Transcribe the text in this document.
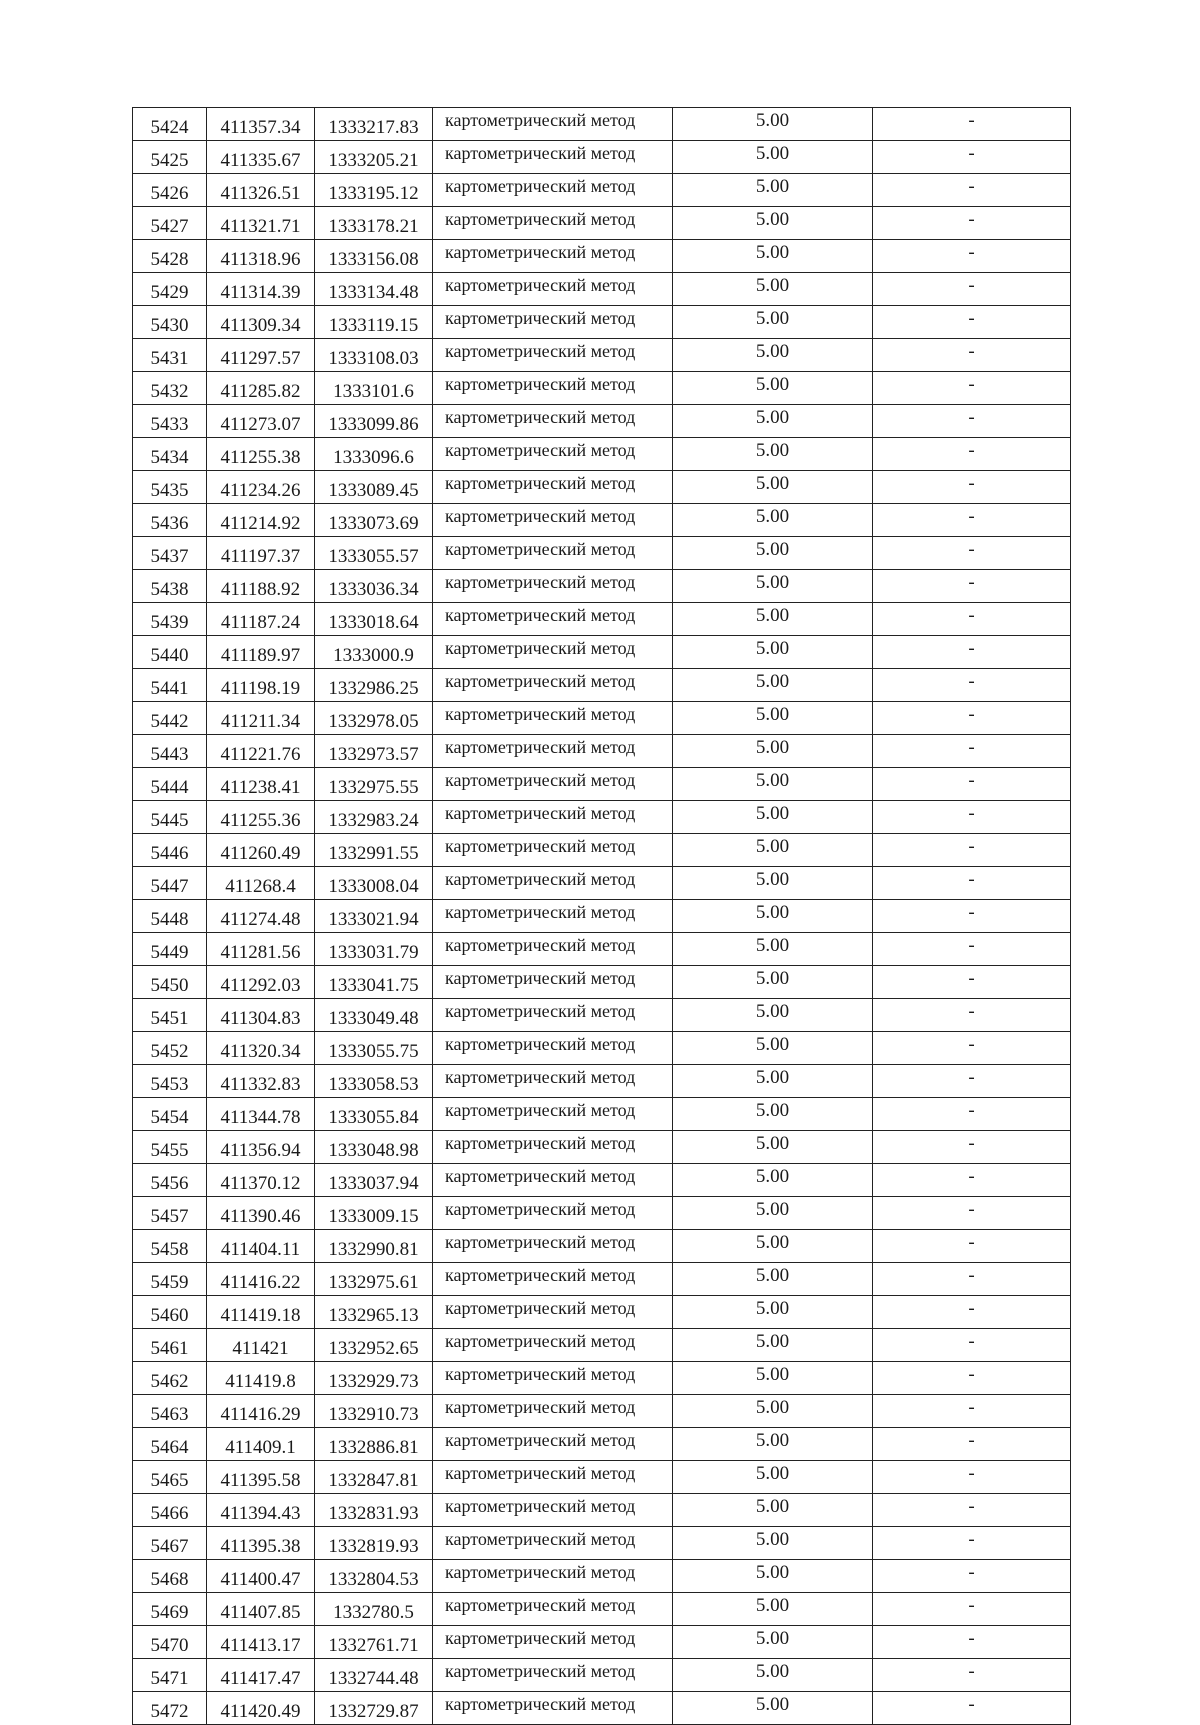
5424	411357.34	1333217.83	картометрический метод	5.00	-
5425	411335.67	1333205.21	картометрический метод	5.00	-
5426	411326.51	1333195.12	картометрический метод	5.00	-
5427	411321.71	1333178.21	картометрический метод	5.00	-
5428	411318.96	1333156.08	картометрический метод	5.00	-
5429	411314.39	1333134.48	картометрический метод	5.00	-
5430	411309.34	1333119.15	картометрический метод	5.00	-
5431	411297.57	1333108.03	картометрический метод	5.00	-
5432	411285.82	1333101.6	картометрический метод	5.00	-
5433	411273.07	1333099.86	картометрический метод	5.00	-
5434	411255.38	1333096.6	картометрический метод	5.00	-
5435	411234.26	1333089.45	картометрический метод	5.00	-
5436	411214.92	1333073.69	картометрический метод	5.00	-
5437	411197.37	1333055.57	картометрический метод	5.00	-
5438	411188.92	1333036.34	картометрический метод	5.00	-
5439	411187.24	1333018.64	картометрический метод	5.00	-
5440	411189.97	1333000.9	картометрический метод	5.00	-
5441	411198.19	1332986.25	картометрический метод	5.00	-
5442	411211.34	1332978.05	картометрический метод	5.00	-
5443	411221.76	1332973.57	картометрический метод	5.00	-
5444	411238.41	1332975.55	картометрический метод	5.00	-
5445	411255.36	1332983.24	картометрический метод	5.00	-
5446	411260.49	1332991.55	картометрический метод	5.00	-
5447	411268.4	1333008.04	картометрический метод	5.00	-
5448	411274.48	1333021.94	картометрический метод	5.00	-
5449	411281.56	1333031.79	картометрический метод	5.00	-
5450	411292.03	1333041.75	картометрический метод	5.00	-
5451	411304.83	1333049.48	картометрический метод	5.00	-
5452	411320.34	1333055.75	картометрический метод	5.00	-
5453	411332.83	1333058.53	картометрический метод	5.00	-
5454	411344.78	1333055.84	картометрический метод	5.00	-
5455	411356.94	1333048.98	картометрический метод	5.00	-
5456	411370.12	1333037.94	картометрический метод	5.00	-
5457	411390.46	1333009.15	картометрический метод	5.00	-
5458	411404.11	1332990.81	картометрический метод	5.00	-
5459	411416.22	1332975.61	картометрический метод	5.00	-
5460	411419.18	1332965.13	картометрический метод	5.00	-
5461	411421	1332952.65	картометрический метод	5.00	-
5462	411419.8	1332929.73	картометрический метод	5.00	-
5463	411416.29	1332910.73	картометрический метод	5.00	-
5464	411409.1	1332886.81	картометрический метод	5.00	-
5465	411395.58	1332847.81	картометрический метод	5.00	-
5466	411394.43	1332831.93	картометрический метод	5.00	-
5467	411395.38	1332819.93	картометрический метод	5.00	-
5468	411400.47	1332804.53	картометрический метод	5.00	-
5469	411407.85	1332780.5	картометрический метод	5.00	-
5470	411413.17	1332761.71	картометрический метод	5.00	-
5471	411417.47	1332744.48	картометрический метод	5.00	-
5472	411420.49	1332729.87	картометрический метод	5.00	-
